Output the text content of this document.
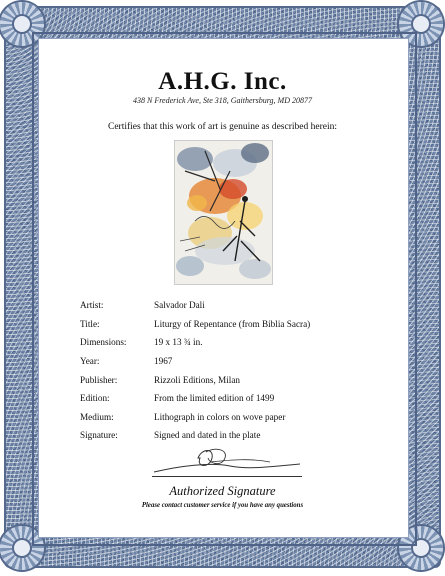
A.H.G. Inc.
438 N Frederick Ave, Ste 318, Gaithersburg, MD 20877
Certifies that this work of art is genuine as described herein:
Artist:	Salvador Dali
Title:	Liturgy of Repentance (from Biblia Sacra)
Dimensions:	19 x 13 ¾ in.
Year:	1967
Publisher:	Rizzoli Editions, Milan
Edition:	From the limited edition of 1499
Medium:	Lithograph in colors on wove paper
Signature:	Signed and dated in the plate
Authorized Signature
Please contact customer service if you have any questions
